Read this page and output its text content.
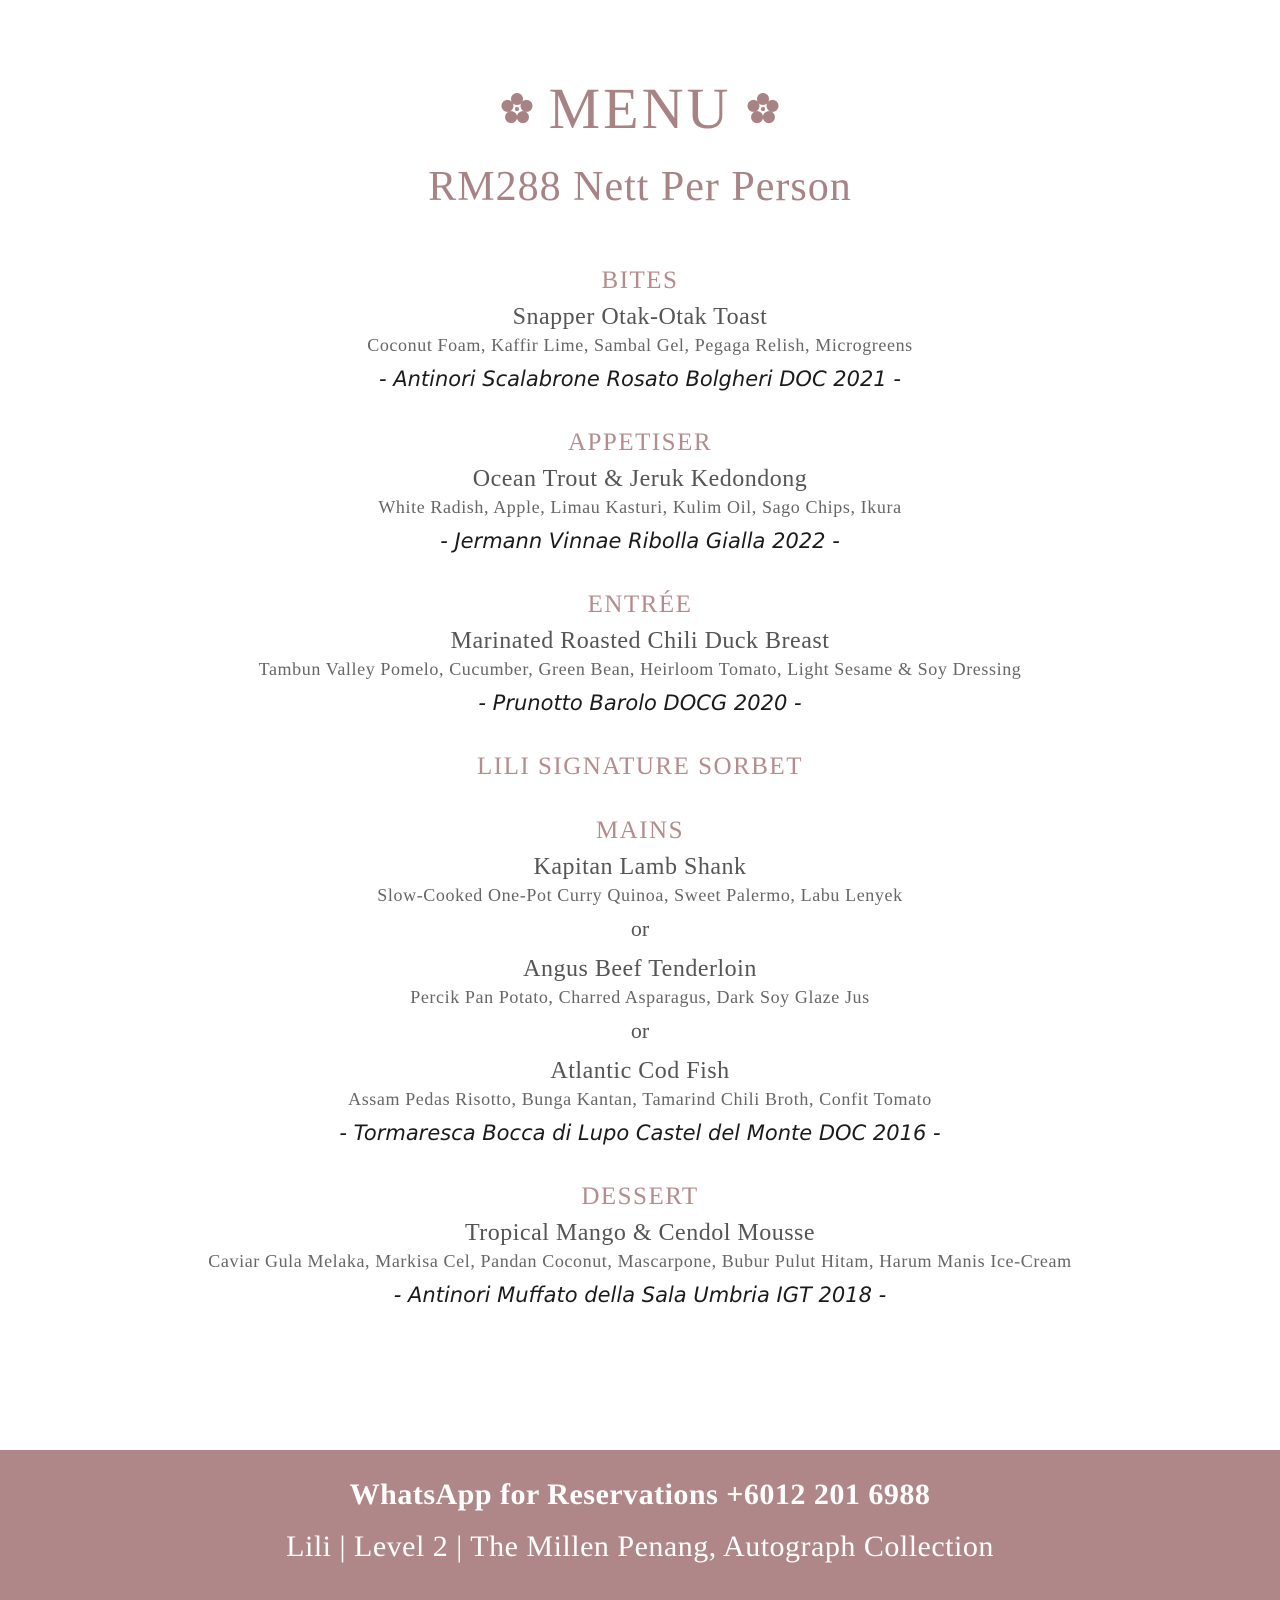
MENU
RM288 Nett Per Person
BITES
Snapper Otak-Otak Toast
Coconut Foam, Kaffir Lime, Sambal Gel, Pegaga Relish, Microgreens
- Antinori Scalabrone Rosato Bolgheri DOC 2021 -
APPETISER
Ocean Trout & Jeruk Kedondong
White Radish, Apple, Limau Kasturi, Kulim Oil, Sago Chips, Ikura
- Jermann Vinnae Ribolla Gialla 2022 -
ENTRÉE
Marinated Roasted Chili Duck Breast
Tambun Valley Pomelo, Cucumber, Green Bean, Heirloom Tomato, Light Sesame & Soy Dressing
- Prunotto Barolo DOCG 2020 -
LILI SIGNATURE SORBET
MAINS
Kapitan Lamb Shank
Slow-Cooked One-Pot Curry Quinoa, Sweet Palermo, Labu Lenyek
or
Angus Beef Tenderloin
Percik Pan Potato, Charred Asparagus, Dark Soy Glaze Jus
or
Atlantic Cod Fish
Assam Pedas Risotto, Bunga Kantan, Tamarind Chili Broth, Confit Tomato
- Tormaresca Bocca di Lupo Castel del Monte DOC 2016 -
DESSERT
Tropical Mango & Cendol Mousse
Caviar Gula Melaka, Markisa Cel, Pandan Coconut, Mascarpone, Bubur Pulut Hitam, Harum Manis Ice-Cream
- Antinori Muffato della Sala Umbria IGT 2018 -
WhatsApp for Reservations +6012 201 6988
Lili | Level 2 | The Millen Penang, Autograph Collection
